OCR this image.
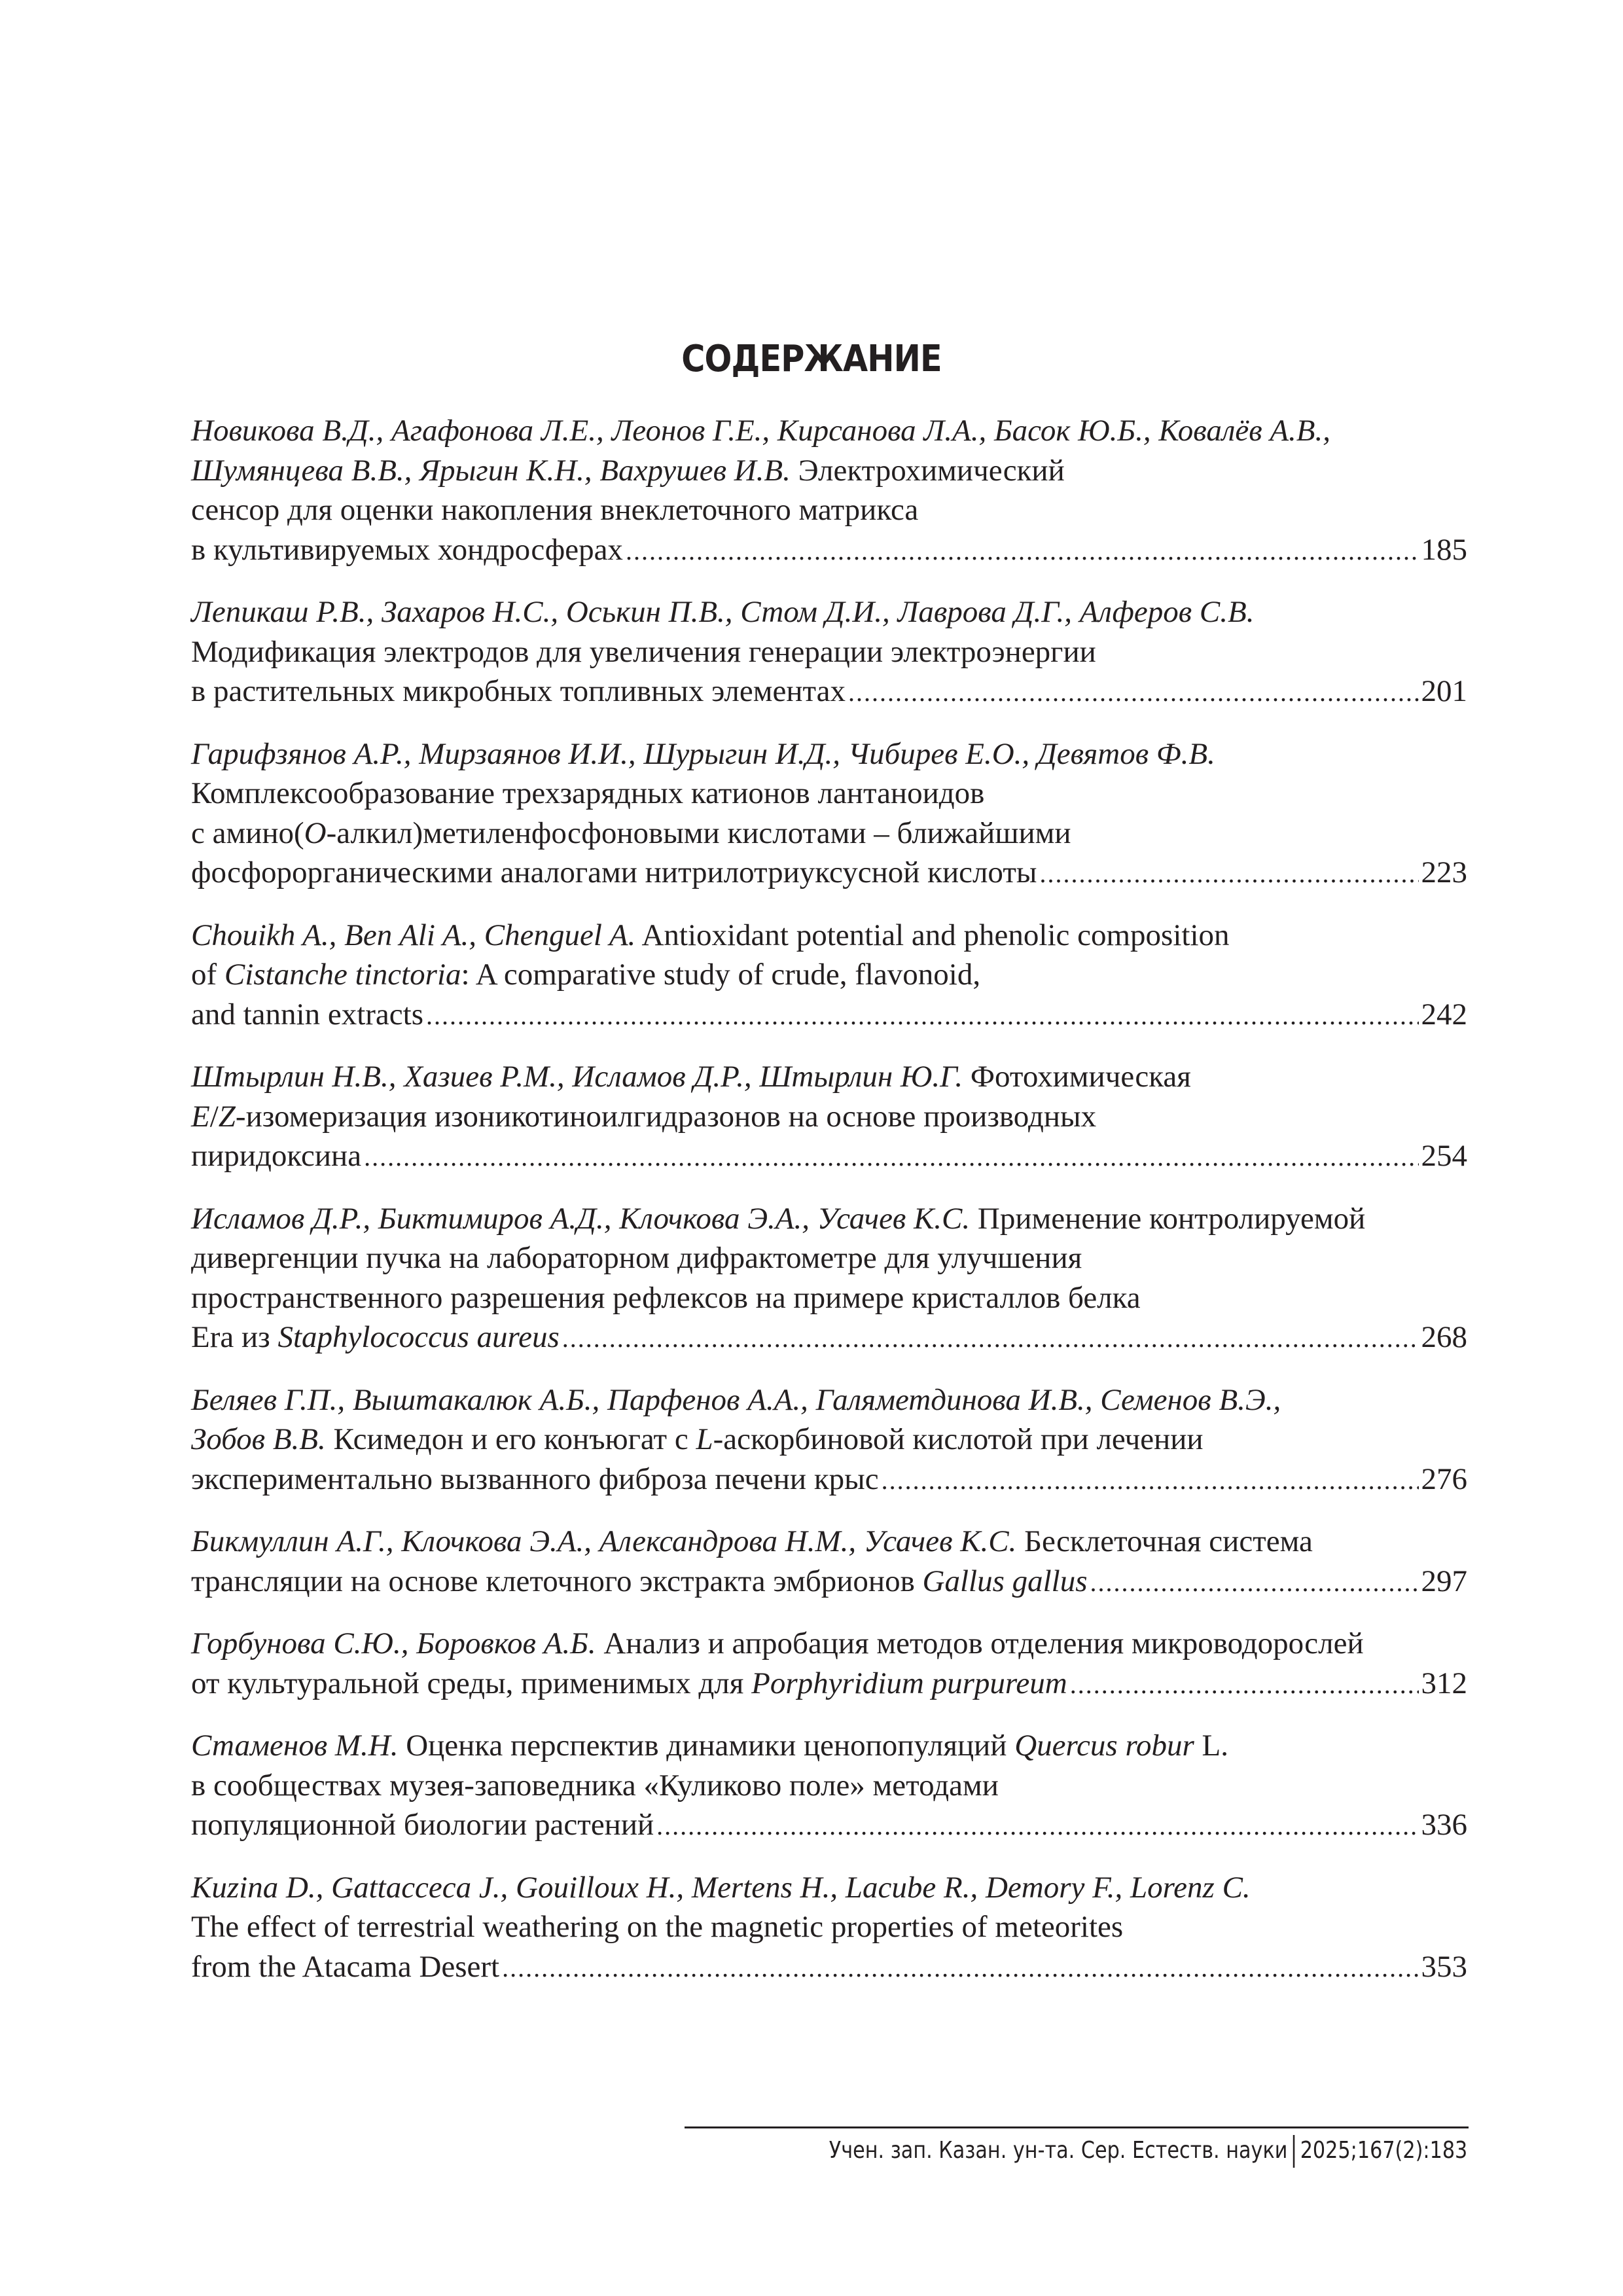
СОДЕРЖАНИЕ
Новикова В.Д., Агафонова Л.Е., Леонов Г.Е., Кирсанова Л.А., Басок Ю.Б., Ковалёв А.В.,
Шумянцева В.В., Ярыгин К.Н., Вахрушев И.В. Электрохимический
сенсор для оценки накопления внеклеточного матрикса
в культивируемых хондросферах .....	185
Лепикаш Р.В., Захаров Н.С., Оськин П.В., Стом Д.И., Лаврова Д.Г., Алферов С.В.
Модификация электродов для увеличения генерации электроэнергии
в растительных микробных топливных элементах .....	201
Гарифзянов А.Р., Мирзаянов И.И., Шурыгин И.Д., Чибирев Е.О., Девятов Ф.В.
Комплексообразование трехзарядных катионов лантаноидов
с амино(O-алкил)метиленфосфоновыми кислотами – ближайшими
фосфорорганическими аналогами нитрилотриуксусной кислоты .....	223
Chouikh A., Ben Ali A., Chenguel A. Antioxidant potential and phenolic composition
of Cistanche tinctoria: A comparative study of crude, flavonoid,
and tannin extracts .....	242
Штырлин Н.В., Хазиев Р.М., Исламов Д.Р., Штырлин Ю.Г. Фотохимическая
E/Z-изомеризация изоникотиноилгидразонов на основе производных
пиридоксина .....	254
Исламов Д.Р., Биктимиров А.Д., Клочкова Э.А., Усачев К.С. Применение контролируемой
дивергенции пучка на лабораторном дифрактометре для улучшения
пространственного разрешения рефлексов на примере кристаллов белка
Era из Staphylococcus aureus .....	268
Беляев Г.П., Выштакалюк А.Б., Парфенов А.А., Галяметдинова И.В., Семенов В.Э.,
Зобов В.В. Ксимедон и его конъюгат с L-аскорбиновой кислотой при лечении
экспериментально вызванного фиброза печени крыс .....	276
Бикмуллин А.Г., Клочкова Э.А., Александрова Н.М., Усачев К.С. Бесклеточная система
трансляции на основе клеточного экстракта эмбрионов Gallus gallus .....	297
Горбунова С.Ю., Боровков А.Б. Анализ и апробация методов отделения микроводорослей
от культуральной среды, применимых для Porphyridium purpureum .....	312
Стаменов М.Н. Оценка перспектив динамики ценопопуляций Quercus robur L.
в сообществах музея-заповедника «Куликово поле» методами
популяционной биологии растений .....	336
Kuzina D., Gattacceca J., Gouilloux H., Mertens H., Lacube R., Demory F., Lorenz C.
The effect of terrestrial weathering on the magnetic properties of meteorites
from the Atacama Desert .....	353
Учен. зап. Казан. ун-та. Сер. Естеств. науки 2025;167(2):183
